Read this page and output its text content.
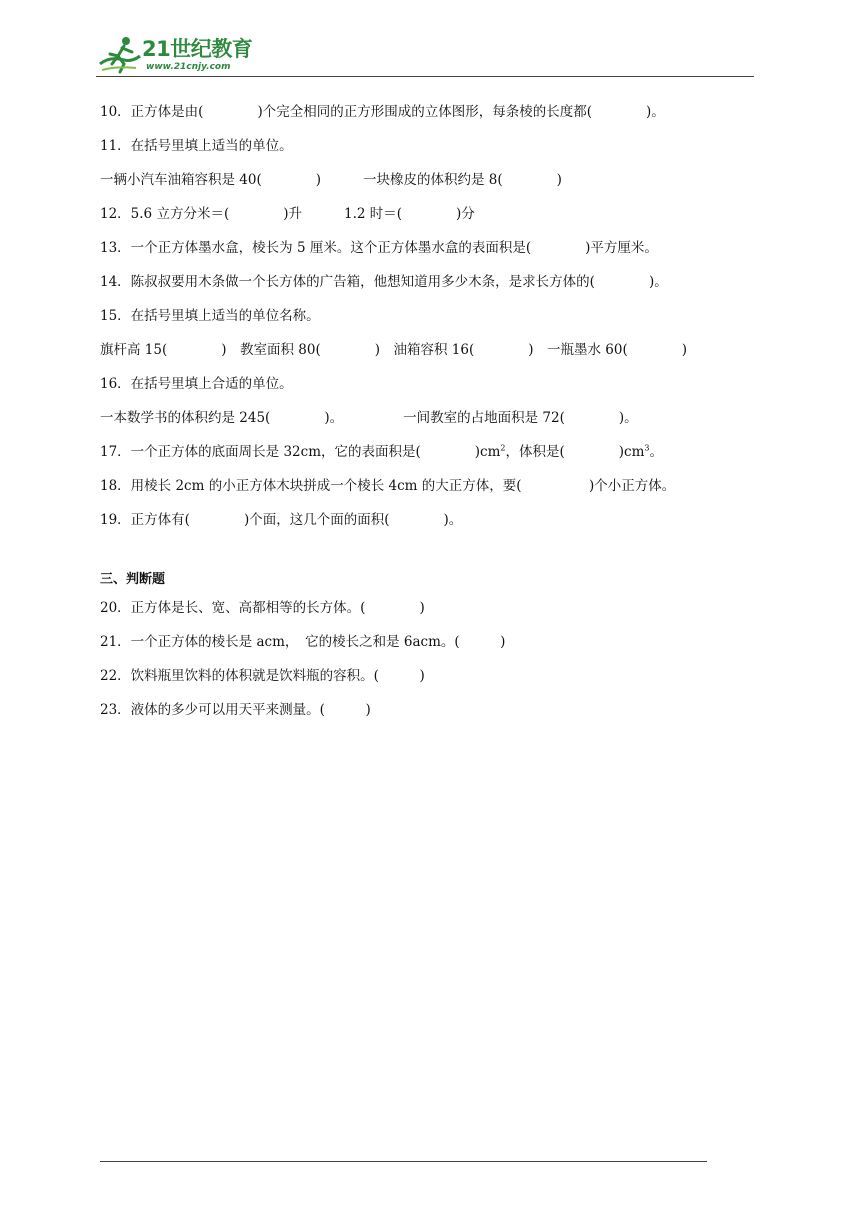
21世纪教育
www.21cnjy.com
10．正方体是由(　　　　)个完全相同的正方形围成的立体图形，每条棱的长度都(　　　　)。
11．在括号里填上适当的单位。
一辆小汽车油箱容积是 40(　　　　)	一块橡皮的体积约是 8(　　　　)
12．5.6 立方分米＝(　　　　)升	1.2 时＝(　　　　)分
13．一个正方体墨水盒，棱长为 5 厘米。这个正方体墨水盒的表面积是(　　　　)平方厘米。
14．陈叔叔要用木条做一个长方体的广告箱，他想知道用多少木条，是求长方体的(　　　　)。
15．在括号里填上适当的单位名称。
旗杆高 15(　　　　)　教室面积 80(　　　　)　油箱容积 16(　　　　)　一瓶墨水 60(　　　　)
16．在括号里填上合适的单位。
一本数学书的体积约是 245(　　　　)。	一间教室的占地面积是 72(　　　　)。
17．一个正方体的底面周长是 32cm，它的表面积是(　　　　)$cm^2$，体积是(　　　　)$cm^3$。
18．用棱长 2cm 的小正方体木块拼成一个棱长 4cm 的大正方体，要(　　　　　)个小正方体。
19．正方体有(　　　　)个面，这几个面的面积(　　　　)。
三、判断题
20．正方体是长、宽、高都相等的长方体。(　　　　)
21．一个正方体的棱长是 acm，　它的棱长之和是 6acm。(　　　)
22．饮料瓶里饮料的体积就是饮料瓶的容积。(　　　)
23．液体的多少可以用天平来测量。(　　　)
